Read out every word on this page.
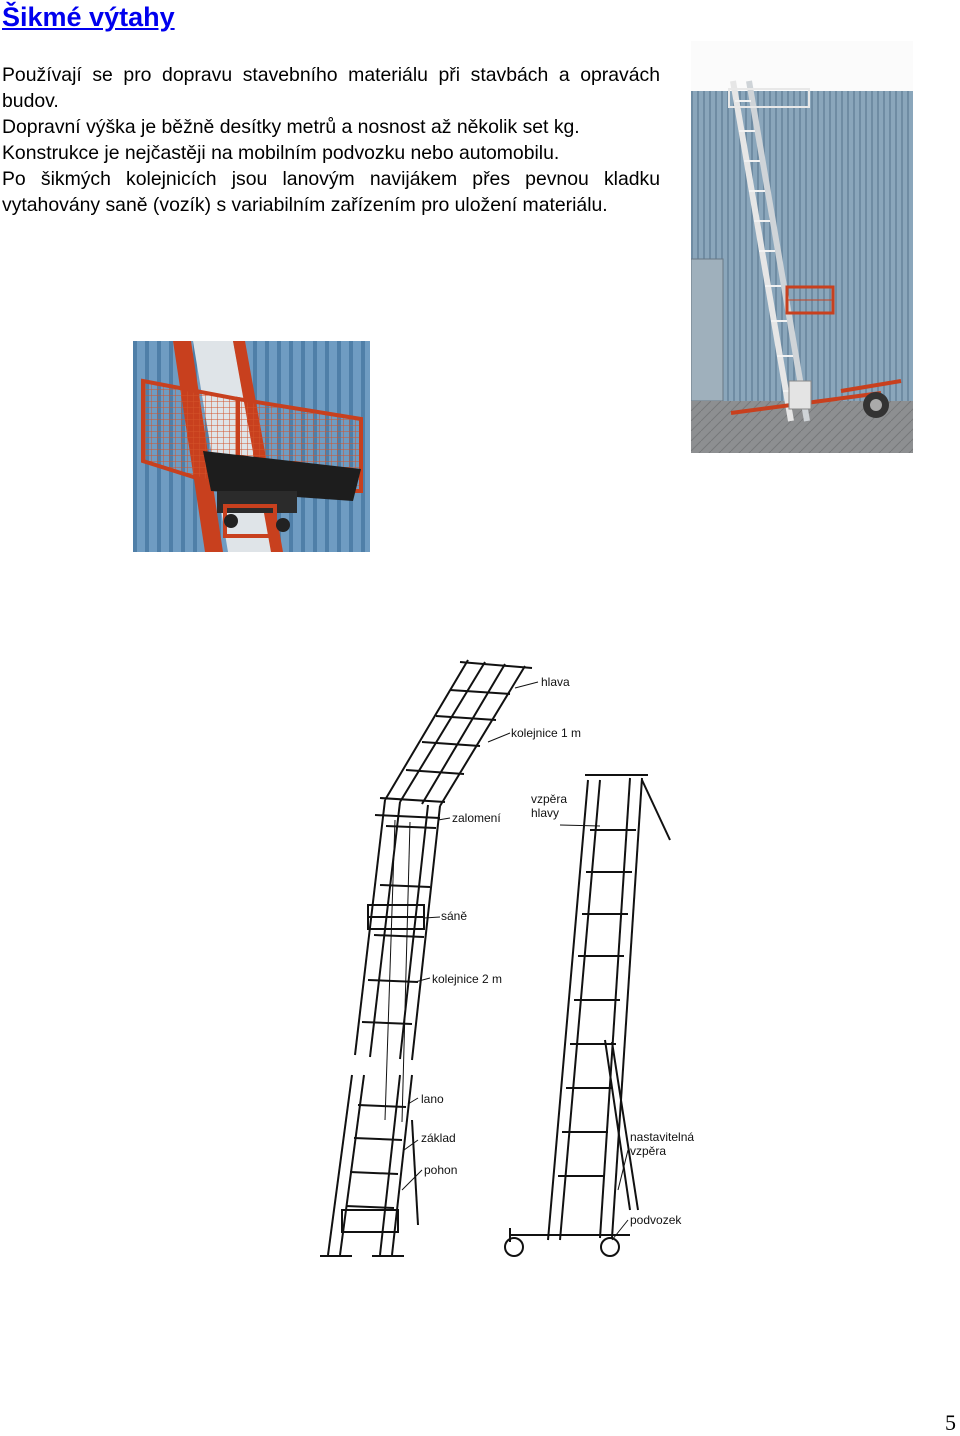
Šikmé výtahy

Používají se pro dopravu stavebního materiálu při stavbách a opravách budov.

Dopravní výška je běžně desítky metrů a nosnost až několik set kg.

Konstrukce je nejčastěji na mobilním podvozku nebo automobilu.

Po šikmých kolejnicích jsou lanovým navijákem přes pevnou kladku vytahovány saně (vozík) s variabilním zařízením pro uložení materiálu.

hlava
kolejnice 1 m
zalomení
vzpěra
hlavy
sáně
kolejnice 2 m
lano
základ
pohon
nastavitelná
vzpěra
podvozek
5
